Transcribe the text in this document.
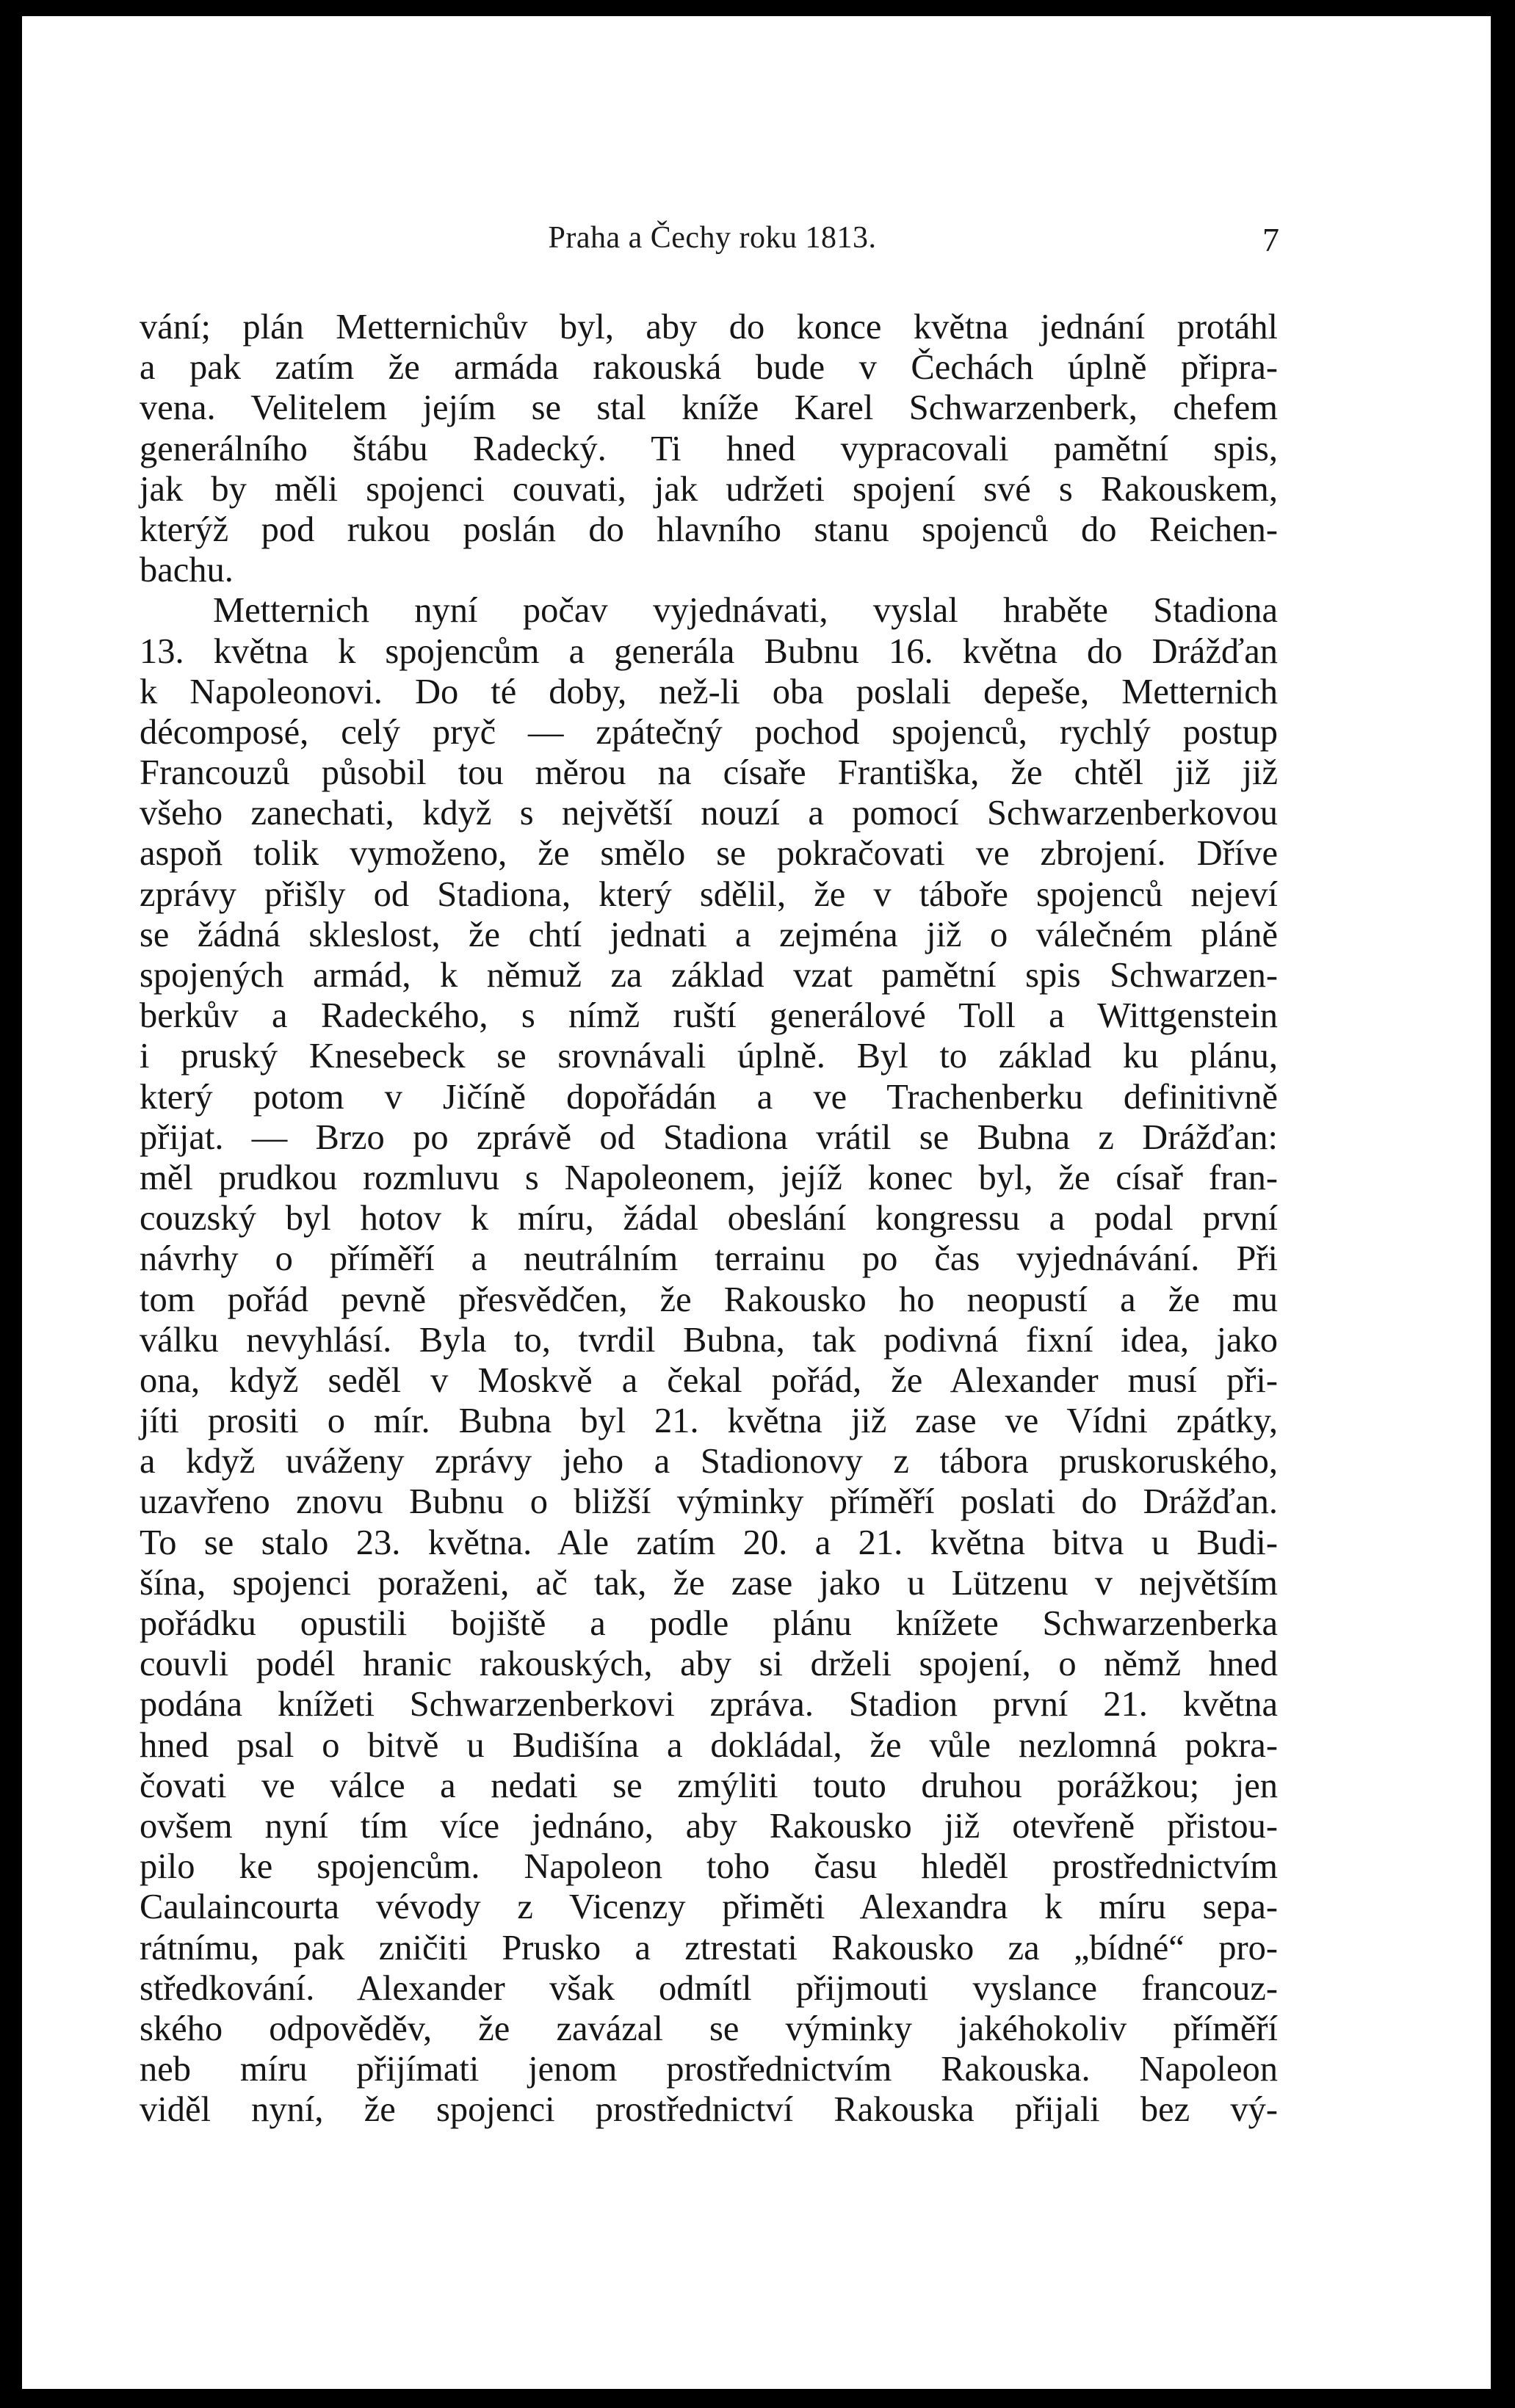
Praha a Čechy roku 1813.	7
vání; plán Metternichův byl, aby do konce května jednání protáhl
a pak zatím že armáda rakouská bude v Čechách úplně připra-
vena. Velitelem jejím se stal kníže Karel Schwarzenberk, chefem
generálního štábu Radecký. Ti hned vypracovali pamětní spis,
jak by měli spojenci couvati, jak udržeti spojení své s Rakouskem,
kterýž pod rukou poslán do hlavního stanu spojenců do Reichen-
bachu.
Metternich nyní počav vyjednávati, vyslal hraběte Stadiona
13. května k spojencům a generála Bubnu 16. května do Drážďan
k Napoleonovi. Do té doby, než-li oba poslali depeše, Metternich
décomposé, celý pryč — zpátečný pochod spojenců, rychlý postup
Francouzů působil tou měrou na císaře Františka, že chtěl již již
všeho zanechati, když s největší nouzí a pomocí Schwarzenberkovou
aspoň tolik vymoženo, že smělo se pokračovati ve zbrojení. Dříve
zprávy přišly od Stadiona, který sdělil, že v táboře spojenců nejeví
se žádná skleslost, že chtí jednati a zejména již o válečném pláně
spojených armád, k němuž za základ vzat pamětní spis Schwarzen-
berkův a Radeckého, s nímž ruští generálové Toll a Wittgenstein
i pruský Knesebeck se srovnávali úplně. Byl to základ ku plánu,
který potom v Jičíně dopořádán a ve Trachenberku definitivně
přijat. — Brzo po zprávě od Stadiona vrátil se Bubna z Drážďan:
měl prudkou rozmluvu s Napoleonem, jejíž konec byl, že císař fran-
couzský byl hotov k míru, žádal obeslání kongressu a podal první
návrhy o příměří a neutrálním terrainu po čas vyjednávání. Při
tom pořád pevně přesvědčen, že Rakousko ho neopustí a že mu
válku nevyhlásí. Byla to, tvrdil Bubna, tak podivná fixní idea, jako
ona, když seděl v Moskvě a čekal pořád, že Alexander musí při-
jíti prositi o mír. Bubna byl 21. května již zase ve Vídni zpátky,
a když uváženy zprávy jeho a Stadionovy z tábora pruskoruského,
uzavřeno znovu Bubnu o bližší výminky příměří poslati do Drážďan.
To se stalo 23. května. Ale zatím 20. a 21. května bitva u Budi-
šína, spojenci poraženi, ač tak, že zase jako u Lützenu v největším
pořádku opustili bojiště a podle plánu knížete Schwarzenberka
couvli podél hranic rakouských, aby si drželi spojení, o němž hned
podána knížeti Schwarzenberkovi zpráva. Stadion první 21. května
hned psal o bitvě u Budišína a dokládal, že vůle nezlomná pokra-
čovati ve válce a nedati se zmýliti touto druhou porážkou; jen
ovšem nyní tím více jednáno, aby Rakousko již otevřeně přistou-
pilo ke spojencům. Napoleon toho času hleděl prostřednictvím
Caulaincourta vévody z Vicenzy přiměti Alexandra k míru sepa-
rátnímu, pak zničiti Prusko a ztrestati Rakousko za „bídné“ pro-
středkování. Alexander však odmítl přijmouti vyslance francouz-
ského odpověděv, že zavázal se výminky jakéhokoliv příměří
neb míru přijímati jenom prostřednictvím Rakouska. Napoleon
viděl nyní, že spojenci prostřednictví Rakouska přijali bez vý-
